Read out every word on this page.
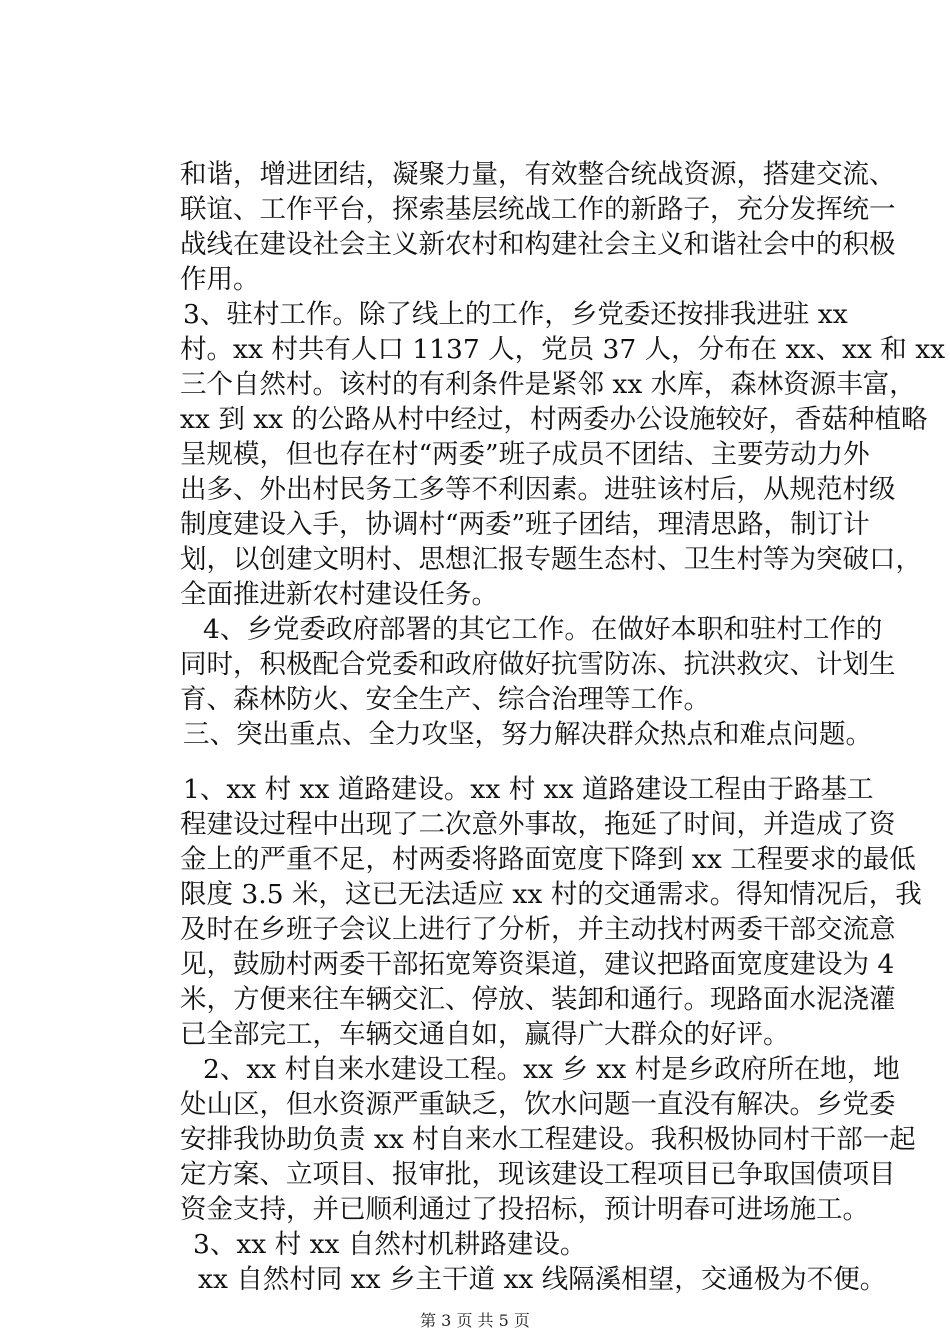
和谐，增进团结，凝聚力量，有效整合统战资源，搭建交流、
联谊、工作平台，探索基层统战工作的新路子，充分发挥统一
战线在建设社会主义新农村和构建社会主义和谐社会中的积极
作用。
3、驻村工作。除了线上的工作，乡党委还按排我进驻 xx
村。xx 村共有人口 1137 人，党员 37 人，分布在 xx、xx 和 xx
三个自然村。该村的有利条件是紧邻 xx 水库，森林资源丰富，
xx 到 xx 的公路从村中经过，村两委办公设施较好，香菇种植略
呈规模，但也存在村“两委”班子成员不团结、主要劳动力外
出多、外出村民务工多等不利因素。进驻该村后，从规范村级
制度建设入手，协调村“两委”班子团结，理清思路，制订计
划，以创建文明村、思想汇报专题生态村、卫生村等为突破口，
全面推进新农村建设任务。
4、乡党委政府部署的其它工作。在做好本职和驻村工作的
同时，积极配合党委和政府做好抗雪防冻、抗洪救灾、计划生
育、森林防火、安全生产、综合治理等工作。
三、突出重点、全力攻坚，努力解决群众热点和难点问题。
1、xx 村 xx 道路建设。xx 村 xx 道路建设工程由于路基工
程建设过程中出现了二次意外事故，拖延了时间，并造成了资
金上的严重不足，村两委将路面宽度下降到 xx 工程要求的最低
限度 3.5 米，这已无法适应 xx 村的交通需求。得知情况后，我
及时在乡班子会议上进行了分析，并主动找村两委干部交流意
见，鼓励村两委干部拓宽筹资渠道，建议把路面宽度建设为 4
米，方便来往车辆交汇、停放、装卸和通行。现路面水泥浇灌
已全部完工，车辆交通自如，赢得广大群众的好评。
2、xx 村自来水建设工程。xx 乡 xx 村是乡政府所在地，地
处山区，但水资源严重缺乏，饮水问题一直没有解决。乡党委
安排我协助负责 xx 村自来水工程建设。我积极协同村干部一起
定方案、立项目、报审批，现该建设工程项目已争取国债项目
资金支持，并已顺利通过了投招标，预计明春可进场施工。
3、xx 村 xx 自然村机耕路建设。
xx 自然村同 xx 乡主干道 xx 线隔溪相望，交通极为不便。
第 3 页 共 5 页
